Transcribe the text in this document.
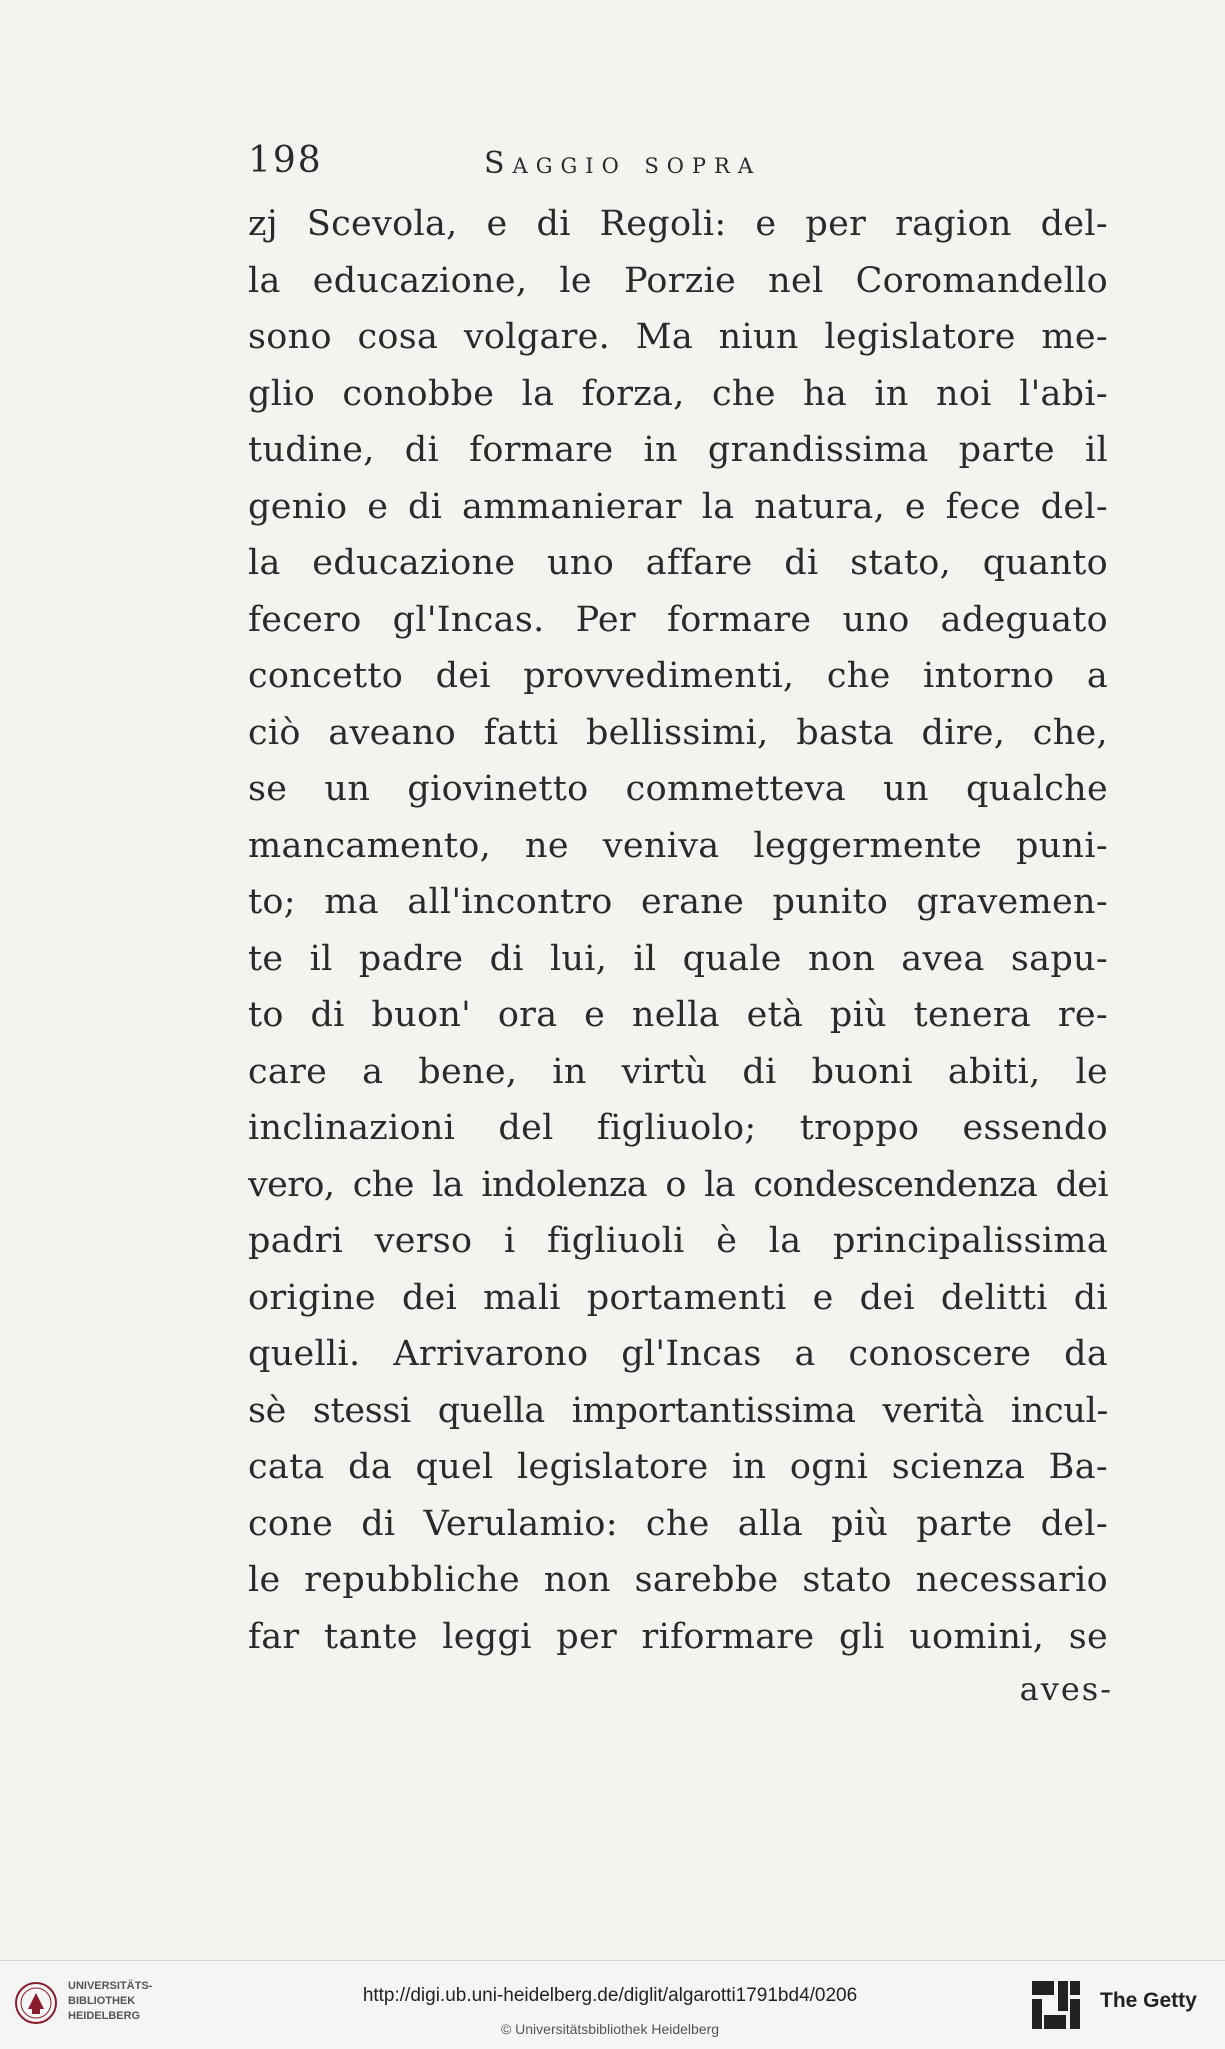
198	Saggio sopra
zj Scevola, e di Regoli: e per ragion del-
la educazione, le Porzie nel Coromandello
sono cosa volgare. Ma niun legislatore me-
glio conobbe la forza, che ha in noi l'abi-
tudine, di formare in grandissima parte il
genio e di ammanierar la natura, e fece del-
la educazione uno affare di stato, quanto
fecero gl'Incas. Per formare uno adeguato
concetto dei provvedimenti, che intorno a
ciò aveano fatti bellissimi, basta dire, che,
se un giovinetto commetteva un qualche
mancamento, ne veniva leggermente puni-
to; ma all'incontro erane punito gravemen-
te il padre di lui, il quale non avea sapu-
to di buon' ora e nella età più tenera re-
care a bene, in virtù di buoni abiti, le
inclinazioni del figliuolo; troppo essendo
vero, che la indolenza o la condescendenza dei
padri verso i figliuoli è la principalissima
origine dei mali portamenti e dei delitti di
quelli. Arrivarono gl'Incas a conoscere da
sè stessi quella importantissima verità incul-
cata da quel legislatore in ogni scienza Ba-
cone di Verulamio: che alla più parte del-
le repubbliche non sarebbe stato necessario
far tante leggi per riformare gli uomini, se
aves-
UNIVERSITÄTS-
BIBLIOTHEK
HEIDELBERG
http://digi.ub.uni-heidelberg.de/diglit/algarotti1791bd4/0206
© Universitätsbibliothek Heidelberg
The Getty
